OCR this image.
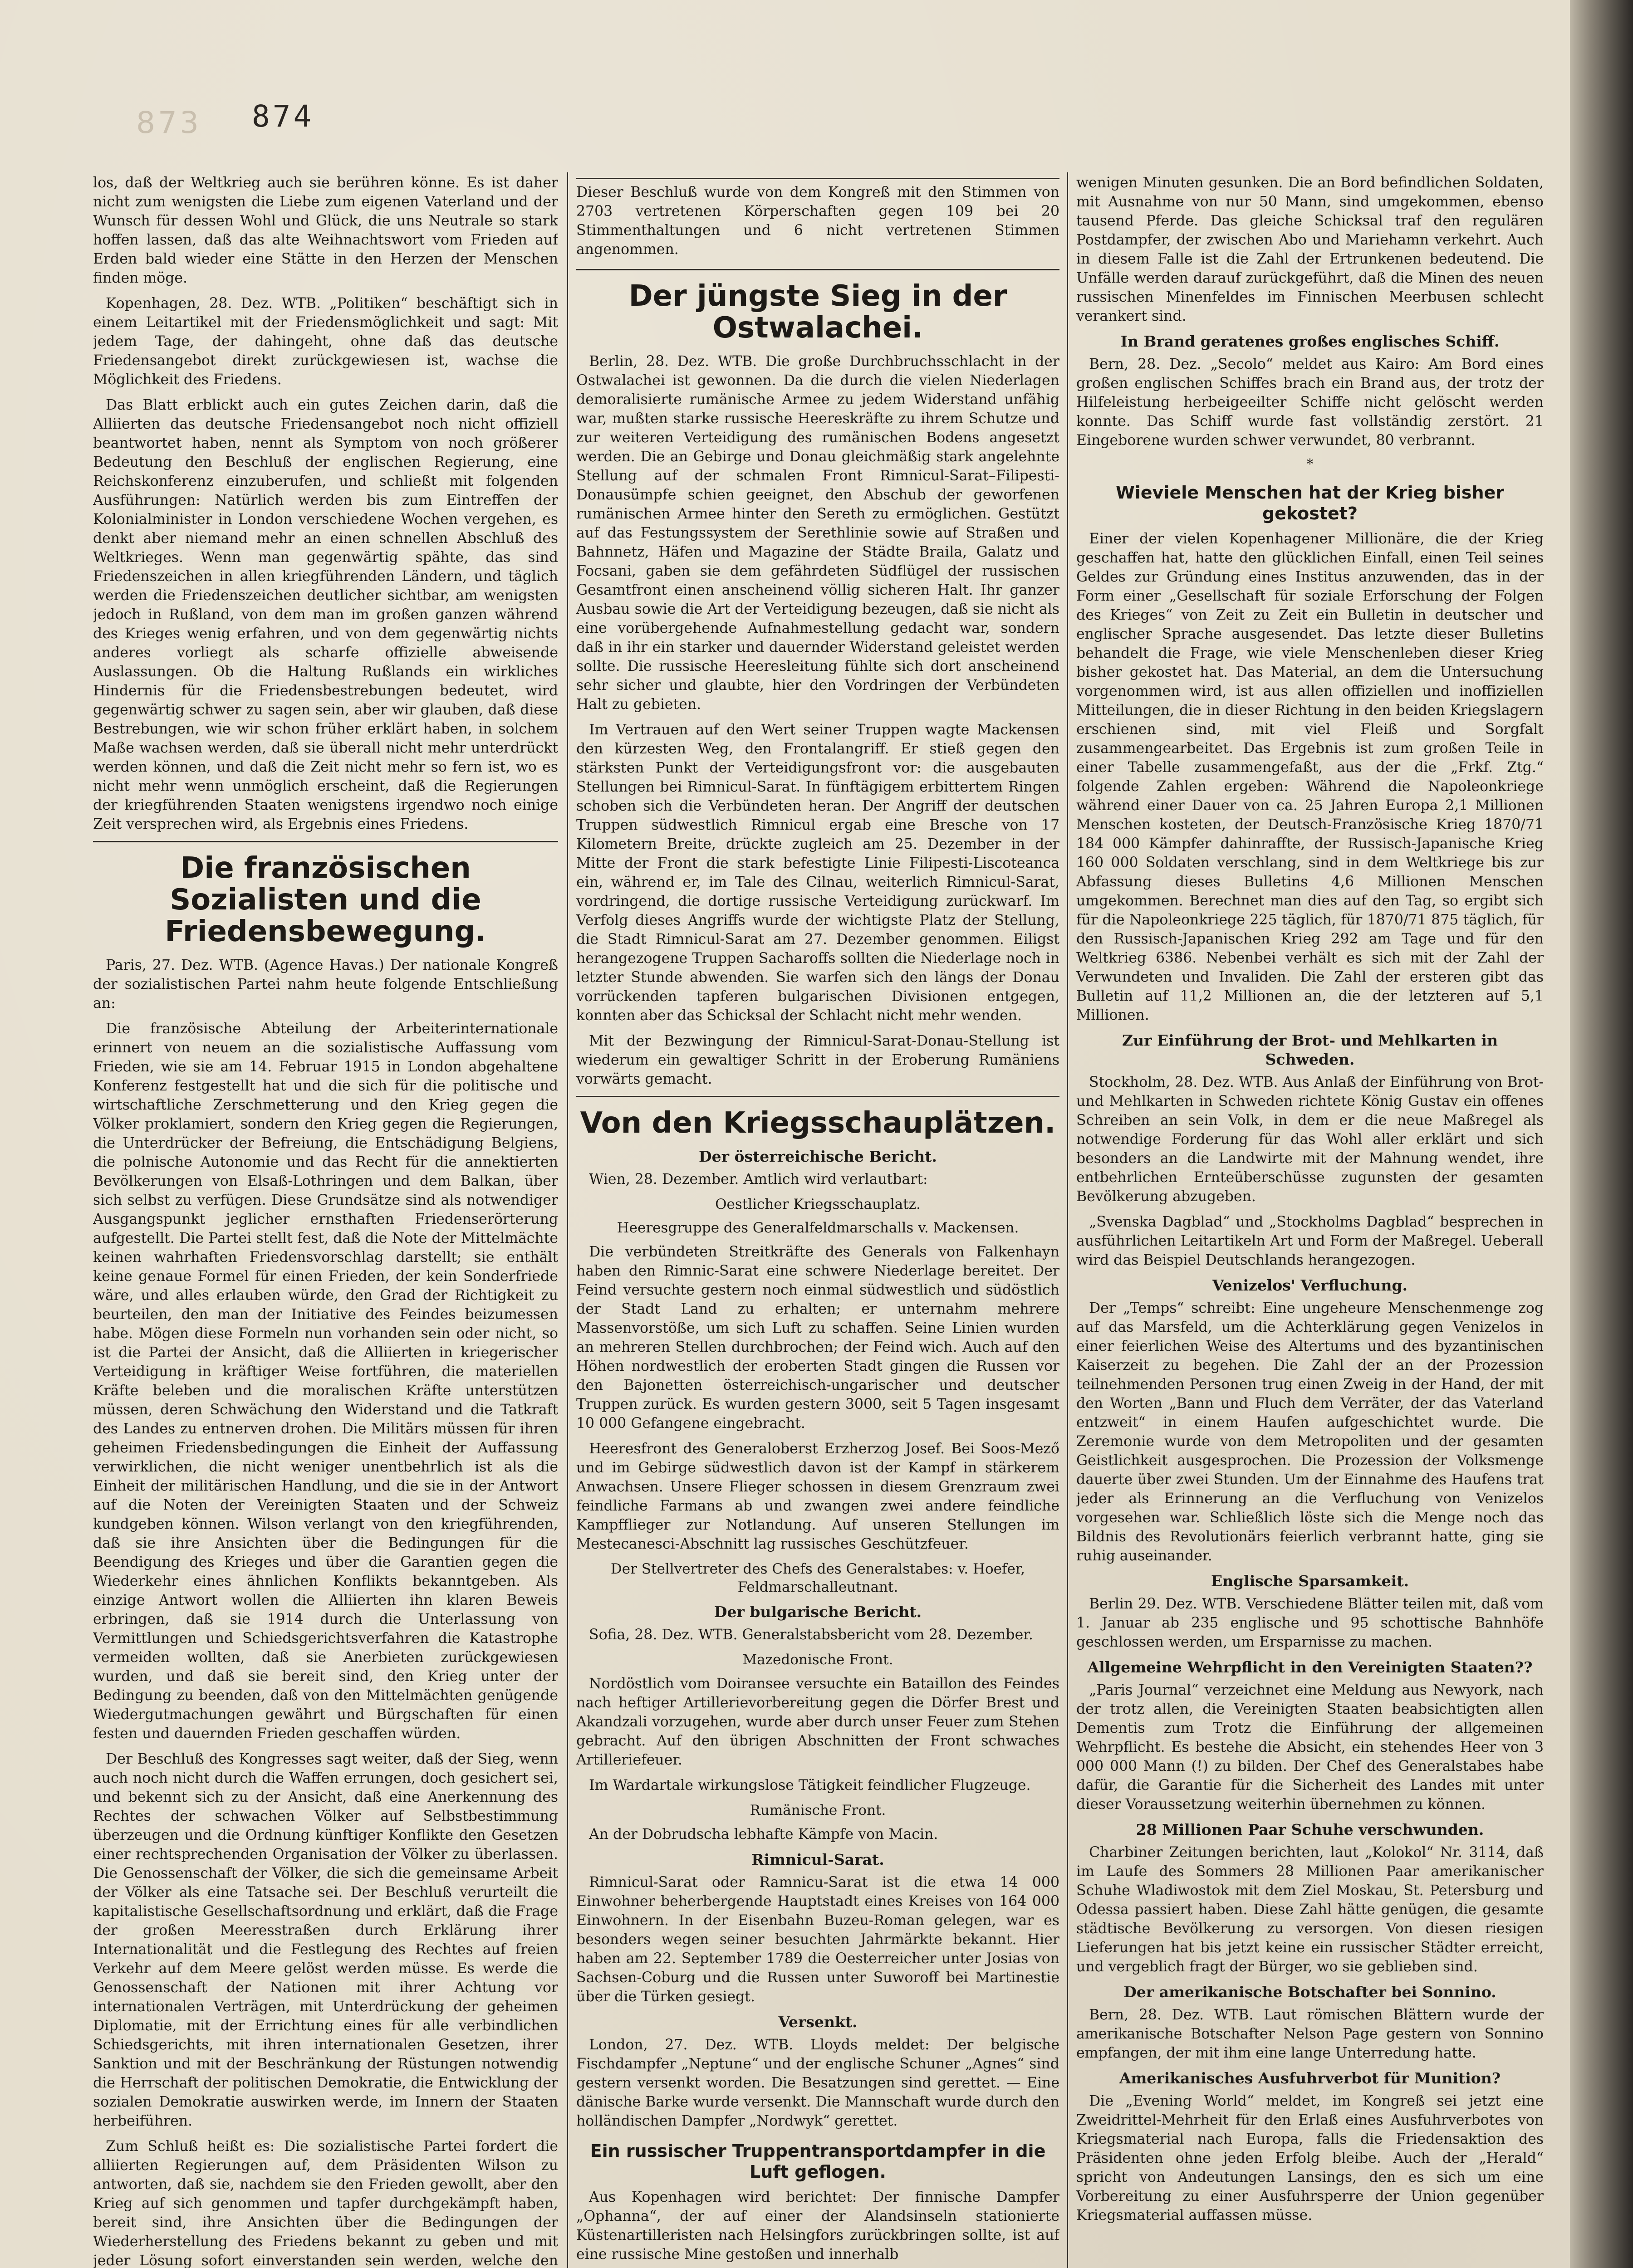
873 874

los, daß der Weltkrieg auch sie berühren könne. Es ist daher nicht zum wenigsten die Liebe zum eigenen Vaterland und der Wunsch für dessen Wohl und Glück, die uns Neutrale so stark hoffen lassen, daß das alte Weihnachtswort vom Frieden auf Erden bald wieder eine Stätte in den Herzen der Menschen finden möge.

Kopenhagen, 28. Dez. WTB. „Politiken“ beschäftigt sich in einem Leitartikel mit der Friedensmöglichkeit und sagt: Mit jedem Tage, der dahingeht, ohne daß das deutsche Friedensangebot direkt zurückgewiesen ist, wachse die Möglichkeit des Friedens.

Das Blatt erblickt auch ein gutes Zeichen darin, daß die Alliierten das deutsche Friedensangebot noch nicht offiziell beantwortet haben, nennt als Symptom von noch größerer Bedeutung den Beschluß der englischen Regierung, eine Reichskonferenz einzuberufen, und schließt mit folgenden Ausführungen: Natürlich werden bis zum Eintreffen der Kolonialminister in London verschiedene Wochen vergehen, es denkt aber niemand mehr an einen schnellen Abschluß des Weltkrieges. Wenn man gegenwärtig spähte, das sind Friedenszeichen in allen kriegführenden Ländern, und täglich werden die Friedenszeichen deutlicher sichtbar, am wenigsten jedoch in Rußland, von dem man im großen ganzen während des Krieges wenig erfahren, und von dem gegenwärtig nichts anderes vorliegt als scharfe offizielle abweisende Auslassungen. Ob die Haltung Rußlands ein wirkliches Hindernis für die Friedensbestrebungen bedeutet, wird gegenwärtig schwer zu sagen sein, aber wir glauben, daß diese Bestrebungen, wie wir schon früher erklärt haben, in solchem Maße wachsen werden, daß sie überall nicht mehr unterdrückt werden können, und daß die Zeit nicht mehr so fern ist, wo es nicht mehr wenn unmöglich erscheint, daß die Regierungen der kriegführenden Staaten wenigstens irgendwo noch einige Zeit versprechen wird, als Ergebnis eines Friedens.

Die französischen Sozialisten und die Friedensbewegung.

Paris, 27. Dez. WTB. (Agence Havas.) Der nationale Kongreß der sozialistischen Partei nahm heute folgende Entschließung an:

Die französische Abteilung der Arbeiterinternationale erinnert von neuem an die sozialistische Auffassung vom Frieden, wie sie am 14. Februar 1915 in London abgehaltene Konferenz festgestellt hat und die sich für die politische und wirtschaftliche Zerschmetterung und den Krieg gegen die Völker proklamiert, sondern den Krieg gegen die Regierungen, die Unterdrücker der Befreiung, die Entschädigung Belgiens, die polnische Autonomie und das Recht für die annektierten Bevölkerungen von Elsaß-Lothringen und dem Balkan, über sich selbst zu verfügen. Diese Grundsätze sind als notwendiger Ausgangspunkt jeglicher ernsthaften Friedenserörterung aufgestellt. Die Partei stellt fest, daß die Note der Mittelmächte keinen wahrhaften Friedensvorschlag darstellt; sie enthält keine genaue Formel für einen Frieden, der kein Sonderfriede wäre, und alles erlauben würde, den Grad der Richtigkeit zu beurteilen, den man der Initiative des Feindes beizumessen habe. Mögen diese Formeln nun vorhanden sein oder nicht, so ist die Partei der Ansicht, daß die Alliierten in kriegerischer Verteidigung in kräftiger Weise fortführen, die materiellen Kräfte beleben und die moralischen Kräfte unterstützen müssen, deren Schwächung den Widerstand und die Tatkraft des Landes zu entnerven drohen. Die Militärs müssen für ihren geheimen Friedensbedingungen die Einheit der Auffassung verwirklichen, die nicht weniger unentbehrlich ist als die Einheit der militärischen Handlung, und die sie in der Antwort auf die Noten der Vereinigten Staaten und der Schweiz kundgeben können. Wilson verlangt von den kriegführenden, daß sie ihre Ansichten über die Bedingungen für die Beendigung des Krieges und über die Garantien gegen die Wiederkehr eines ähnlichen Konflikts bekanntgeben. Als einzige Antwort wollen die Alliierten ihn klaren Beweis erbringen, daß sie 1914 durch die Unterlassung von Vermittlungen und Schiedsgerichtsverfahren die Katastrophe vermeiden wollten, daß sie Anerbieten zurückgewiesen wurden, und daß sie bereit sind, den Krieg unter der Bedingung zu beenden, daß von den Mittelmächten genügende Wiedergutmachungen gewährt und Bürgschaften für einen festen und dauernden Frieden geschaffen würden.

Der Beschluß des Kongresses sagt weiter, daß der Sieg, wenn auch noch nicht durch die Waffen errungen, doch gesichert sei, und bekennt sich zu der Ansicht, daß eine Anerkennung des Rechtes der schwachen Völker auf Selbstbestimmung überzeugen und die Ordnung künftiger Konflikte den Gesetzen einer rechtsprechenden Organisation der Völker zu überlassen. Die Genossenschaft der Völker, die sich die gemeinsame Arbeit der Völker als eine Tatsache sei. Der Beschluß verurteilt die kapitalistische Gesellschaftsordnung und erklärt, daß die Frage der großen Meeresstraßen durch Erklärung ihrer Internationalität und die Festlegung des Rechtes auf freien Verkehr auf dem Meere gelöst werden müsse. Es werde die Genossenschaft der Nationen mit ihrer Achtung vor internationalen Verträgen, mit Unterdrückung der geheimen Diplomatie, mit der Errichtung eines für alle verbindlichen Schiedsgerichts, mit ihren internationalen Gesetzen, ihrer Sanktion und mit der Beschränkung der Rüstungen notwendig die Herrschaft der politischen Demokratie, die Entwicklung der sozialen Demokratie auswirken werde, im Innern der Staaten herbeiführen.

Zum Schluß heißt es: Die sozialistische Partei fordert die alliierten Regierungen auf, dem Präsidenten Wilson zu antworten, daß sie, nachdem sie den Frieden gewollt, aber den Krieg auf sich genommen und tapfer durchgekämpft haben, bereit sind, ihre Ansichten über die Bedingungen der Wiederherstellung des Friedens bekannt zu geben und mit jeder Lösung sofort einverstanden sein werden, welche den

Dieser Beschluß wurde von dem Kongreß mit den Stimmen von 2703 vertretenen Körperschaften gegen 109 bei 20 Stimmenthaltungen und 6 nicht vertretenen Stimmen angenommen.

Der jüngste Sieg in der Ostwalachei.

Berlin, 28. Dez. WTB. Die große Durchbruchsschlacht in der Ostwalachei ist gewonnen. Da die durch die vielen Niederlagen demoralisierte rumänische Armee zu jedem Widerstand unfähig war, mußten starke russische Heereskräfte zu ihrem Schutze und zur weiteren Verteidigung des rumänischen Bodens angesetzt werden. Die an Gebirge und Donau gleichmäßig stark angelehnte Stellung auf der schmalen Front Rimnicul-Sarat–Filipesti-Donausümpfe schien geeignet, den Abschub der geworfenen rumänischen Armee hinter den Sereth zu ermöglichen. Gestützt auf das Festungssystem der Serethlinie sowie auf Straßen und Bahnnetz, Häfen und Magazine der Städte Braila, Galatz und Focsani, gaben sie dem gefährdeten Südflügel der russischen Gesamtfront einen anscheinend völlig sicheren Halt. Ihr ganzer Ausbau sowie die Art der Verteidigung bezeugen, daß sie nicht als eine vorübergehende Aufnahmestellung gedacht war, sondern daß in ihr ein starker und dauernder Widerstand geleistet werden sollte. Die russische Heeresleitung fühlte sich dort anscheinend sehr sicher und glaubte, hier den Vordringen der Verbündeten Halt zu gebieten.

Im Vertrauen auf den Wert seiner Truppen wagte Mackensen den kürzesten Weg, den Frontalangriff. Er stieß gegen den stärksten Punkt der Verteidigungsfront vor: die ausgebauten Stellungen bei Rimnicul-Sarat. In fünftägigem erbittertem Ringen schoben sich die Verbündeten heran. Der Angriff der deutschen Truppen südwestlich Rimnicul ergab eine Bresche von 17 Kilometern Breite, drückte zugleich am 25. Dezember in der Mitte der Front die stark befestigte Linie Filipesti-Liscoteanca ein, während er, im Tale des Cilnau, weiterlich Rimnicul-Sarat, vordringend, die dortige russische Verteidigung zurückwarf. Im Verfolg dieses Angriffs wurde der wichtigste Platz der Stellung, die Stadt Rimnicul-Sarat am 27. Dezember genommen. Eiligst herangezogene Truppen Sacharoffs sollten die Niederlage noch in letzter Stunde abwenden. Sie warfen sich den längs der Donau vorrückenden tapferen bulgarischen Divisionen entgegen, konnten aber das Schicksal der Schlacht nicht mehr wenden.

Mit der Bezwingung der Rimnicul-Sarat-Donau-Stellung ist wiederum ein gewaltiger Schritt in der Eroberung Rumäniens vorwärts gemacht.

Von den Kriegsschauplätzen.
Der österreichische Bericht.

Wien, 28. Dezember. Amtlich wird verlautbart:

Oestlicher Kriegsschauplatz.
Heeresgruppe des Generalfeldmarschalls v. Mackensen.

Die verbündeten Streitkräfte des Generals von Falkenhayn haben den Rimnic-Sarat eine schwere Niederlage bereitet. Der Feind versuchte gestern noch einmal südwestlich und südöstlich der Stadt Land zu erhalten; er unternahm mehrere Massenvorstöße, um sich Luft zu schaffen. Seine Linien wurden an mehreren Stellen durchbrochen; der Feind wich. Auch auf den Höhen nordwestlich der eroberten Stadt gingen die Russen vor den Bajonetten österreichisch-ungarischer und deutscher Truppen zurück. Es wurden gestern 3000, seit 5 Tagen insgesamt 10 000 Gefangene eingebracht.

Heeresfront des Generaloberst Erzherzog Josef. Bei Soos-Mező und im Gebirge südwestlich davon ist der Kampf in stärkerem Anwachsen. Unsere Flieger schossen in diesem Grenzraum zwei feindliche Farmans ab und zwangen zwei andere feindliche Kampfflieger zur Notlandung. Auf unseren Stellungen im Mestecanesci-Abschnitt lag russisches Geschützfeuer.

Der Stellvertreter des Chefs des Generalstabes: v. Hoefer, Feldmarschalleutnant.
Der bulgarische Bericht.

Sofia, 28. Dez. WTB. Generalstabsbericht vom 28. Dezember.

Mazedonische Front.

Nordöstlich vom Doiransee versuchte ein Bataillon des Feindes nach heftiger Artillerievorbereitung gegen die Dörfer Brest und Akandzali vorzugehen, wurde aber durch unser Feuer zum Stehen gebracht. Auf den übrigen Abschnitten der Front schwaches Artilleriefeuer.

Im Wardartale wirkungslose Tätigkeit feindlicher Flugzeuge.

Rumänische Front.

An der Dobrudscha lebhafte Kämpfe von Macin.

Rimnicul-Sarat.

Rimnicul-Sarat oder Ramnicu-Sarat ist die etwa 14 000 Einwohner beherbergende Hauptstadt eines Kreises von 164 000 Einwohnern. In der Eisenbahn Buzeu-Roman gelegen, war es besonders wegen seiner besuchten Jahrmärkte bekannt. Hier haben am 22. September 1789 die Oesterreicher unter Josias von Sachsen-Coburg und die Russen unter Suworoff bei Martinestie über die Türken gesiegt.

Versenkt.

London, 27. Dez. WTB. Lloyds meldet: Der belgische Fischdampfer „Neptune“ und der englische Schuner „Agnes“ sind gestern versenkt worden. Die Besatzungen sind gerettet. — Eine dänische Barke wurde versenkt. Die Mannschaft wurde durch den holländischen Dampfer „Nordwyk“ gerettet.

Ein russischer Truppentransportdampfer in die Luft geflogen.

Aus Kopenhagen wird berichtet: Der finnische Dampfer „Ophanna“, der auf einer der Alandsinseln stationierte Küstenartilleristen nach Helsingfors zurückbringen sollte, ist auf eine russische Mine gestoßen und innerhalb

wenigen Minuten gesunken. Die an Bord befindlichen Soldaten, mit Ausnahme von nur 50 Mann, sind umgekommen, ebenso tausend Pferde. Das gleiche Schicksal traf den regulären Postdampfer, der zwischen Abo und Mariehamn verkehrt. Auch in diesem Falle ist die Zahl der Ertrunkenen bedeutend. Die Unfälle werden darauf zurückgeführt, daß die Minen des neuen russischen Minenfeldes im Finnischen Meerbusen schlecht verankert sind.

In Brand geratenes großes englisches Schiff.

Bern, 28. Dez. „Secolo“ meldet aus Kairo: Am Bord eines großen englischen Schiffes brach ein Brand aus, der trotz der Hilfeleistung herbeigeeilter Schiffe nicht gelöscht werden konnte. Das Schiff wurde fast vollständig zerstört. 21 Eingeborene wurden schwer verwundet, 80 verbrannt.

*
Wieviele Menschen hat der Krieg bisher gekostet?

Einer der vielen Kopenhagener Millionäre, die der Krieg geschaffen hat, hatte den glücklichen Einfall, einen Teil seines Geldes zur Gründung eines Institus anzuwenden, das in der Form einer „Gesellschaft für soziale Erforschung der Folgen des Krieges“ von Zeit zu Zeit ein Bulletin in deutscher und englischer Sprache ausgesendet. Das letzte dieser Bulletins behandelt die Frage, wie viele Menschenleben dieser Krieg bisher gekostet hat. Das Material, an dem die Untersuchung vorgenommen wird, ist aus allen offiziellen und inoffiziellen Mitteilungen, die in dieser Richtung in den beiden Kriegslagern erschienen sind, mit viel Fleiß und Sorgfalt zusammengearbeitet. Das Ergebnis ist zum großen Teile in einer Tabelle zusammengefaßt, aus der die „Frkf. Ztg.“ folgende Zahlen ergeben: Während die Napoleonkriege während einer Dauer von ca. 25 Jahren Europa 2,1 Millionen Menschen kosteten, der Deutsch-Französische Krieg 1870/71 184 000 Kämpfer dahinraffte, der Russisch-Japanische Krieg 160 000 Soldaten verschlang, sind in dem Weltkriege bis zur Abfassung dieses Bulletins 4,6 Millionen Menschen umgekommen. Berechnet man dies auf den Tag, so ergibt sich für die Napoleonkriege 225 täglich, für 1870/71 875 täglich, für den Russisch-Japanischen Krieg 292 am Tage und für den Weltkrieg 6386. Nebenbei verhält es sich mit der Zahl der Verwundeten und Invaliden. Die Zahl der ersteren gibt das Bulletin auf 11,2 Millionen an, die der letzteren auf 5,1 Millionen.

Zur Einführung der Brot- und Mehlkarten in Schweden.

Stockholm, 28. Dez. WTB. Aus Anlaß der Einführung von Brot- und Mehlkarten in Schweden richtete König Gustav ein offenes Schreiben an sein Volk, in dem er die neue Maßregel als notwendige Forderung für das Wohl aller erklärt und sich besonders an die Landwirte mit der Mahnung wendet, ihre entbehrlichen Ernteüberschüsse zugunsten der gesamten Bevölkerung abzugeben.

„Svenska Dagblad“ und „Stockholms Dagblad“ besprechen in ausführlichen Leitartikeln Art und Form der Maßregel. Ueberall wird das Beispiel Deutschlands herangezogen.

Venizelos' Verfluchung.

Der „Temps“ schreibt: Eine ungeheure Menschenmenge zog auf das Marsfeld, um die Achterklärung gegen Venizelos in einer feierlichen Weise des Altertums und des byzantinischen Kaiserzeit zu begehen. Die Zahl der an der Prozession teilnehmenden Personen trug einen Zweig in der Hand, der mit den Worten „Bann und Fluch dem Verräter, der das Vaterland entzweit“ in einem Haufen aufgeschichtet wurde. Die Zeremonie wurde von dem Metropoliten und der gesamten Geistlichkeit ausgesprochen. Die Prozession der Volksmenge dauerte über zwei Stunden. Um der Einnahme des Haufens trat jeder als Erinnerung an die Verfluchung von Venizelos vorgesehen war. Schließlich löste sich die Menge noch das Bildnis des Revolutionärs feierlich verbrannt hatte, ging sie ruhig auseinander.

Englische Sparsamkeit.

Berlin 29. Dez. WTB. Verschiedene Blätter teilen mit, daß vom 1. Januar ab 235 englische und 95 schottische Bahnhöfe geschlossen werden, um Ersparnisse zu machen.

Allgemeine Wehrpflicht in den Vereinigten Staaten??

„Paris Journal“ verzeichnet eine Meldung aus Newyork, nach der trotz allen, die Vereinigten Staaten beabsichtigten allen Dementis zum Trotz die Einführung der allgemeinen Wehrpflicht. Es bestehe die Absicht, ein stehendes Heer von 3 000 000 Mann (!) zu bilden. Der Chef des Generalstabes habe dafür, die Garantie für die Sicherheit des Landes mit unter dieser Voraussetzung weiterhin übernehmen zu können.

28 Millionen Paar Schuhe verschwunden.

Charbiner Zeitungen berichten, laut „Kolokol“ Nr. 3114, daß im Laufe des Sommers 28 Millionen Paar amerikanischer Schuhe Wladiwostok mit dem Ziel Moskau, St. Petersburg und Odessa passiert haben. Diese Zahl hätte genügen, die gesamte städtische Bevölkerung zu versorgen. Von diesen riesigen Lieferungen hat bis jetzt keine ein russischer Städter erreicht, und vergeblich fragt der Bürger, wo sie geblieben sind.

Der amerikanische Botschafter bei Sonnino.

Bern, 28. Dez. WTB. Laut römischen Blättern wurde der amerikanische Botschafter Nelson Page gestern von Sonnino empfangen, der mit ihm eine lange Unterredung hatte.

Amerikanisches Ausfuhrverbot für Munition?

Die „Evening World“ meldet, im Kongreß sei jetzt eine Zweidrittel-Mehrheit für den Erlaß eines Ausfuhrverbotes von Kriegsmaterial nach Europa, falls die Friedensaktion des Präsidenten ohne jeden Erfolg bleibe. Auch der „Herald“ spricht von Andeutungen Lansings, den es sich um eine Vorbereitung zu einer Ausfuhrsperre der Union gegenüber Kriegsmaterial auffassen müsse.
